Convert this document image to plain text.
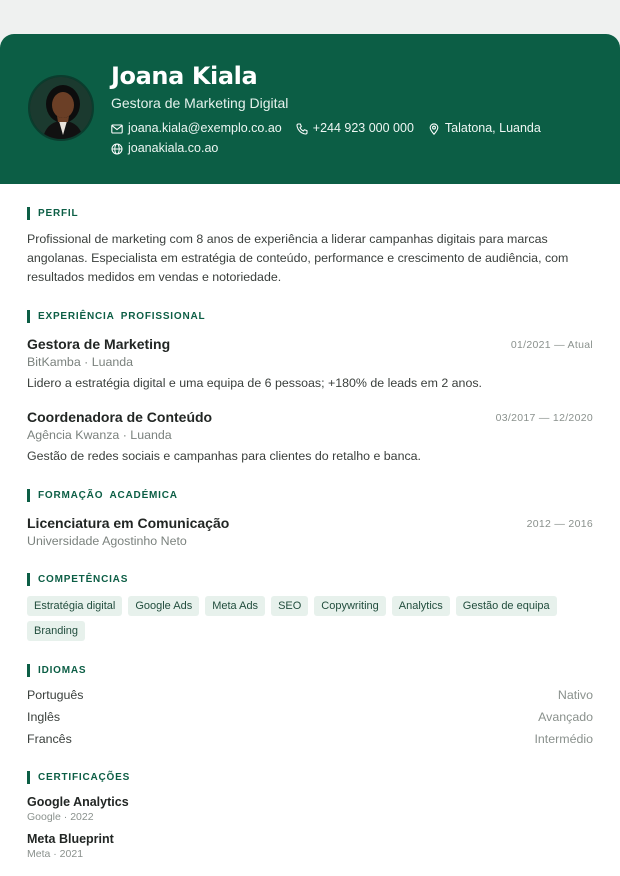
Joana Kiala
Gestora de Marketing Digital
joana.kiala@exemplo.co.ao +244 923 000 000 Talatona, Luanda
joanakiala.co.ao
PERFIL
Profissional de marketing com 8 anos de experiência a liderar campanhas digitais para marcas angolanas. Especialista em estratégia de conteúdo, performance e crescimento de audiência, com resultados medidos em vendas e notoriedade.
EXPERIÊNCIA PROFISSIONAL
Gestora de Marketing	01/2021 — Atual
BitKamba · Luanda
Lidero a estratégia digital e uma equipa de 6 pessoas; +180% de leads em 2 anos.
Coordenadora de Conteúdo	03/2017 — 12/2020
Agência Kwanza · Luanda
Gestão de redes sociais e campanhas para clientes do retalho e banca.
FORMAÇÃO ACADÉMICA
Licenciatura em Comunicação	2012 — 2016
Universidade Agostinho Neto
COMPETÊNCIAS
Estratégia digital	Google Ads	Meta Ads	SEO	Copywriting	Analytics	Gestão de equipa
Branding
IDIOMAS
Português	Nativo
Inglês	Avançado
Francês	Intermédio
CERTIFICAÇÕES
Google Analytics
Google · 2022
Meta Blueprint
Meta · 2021
